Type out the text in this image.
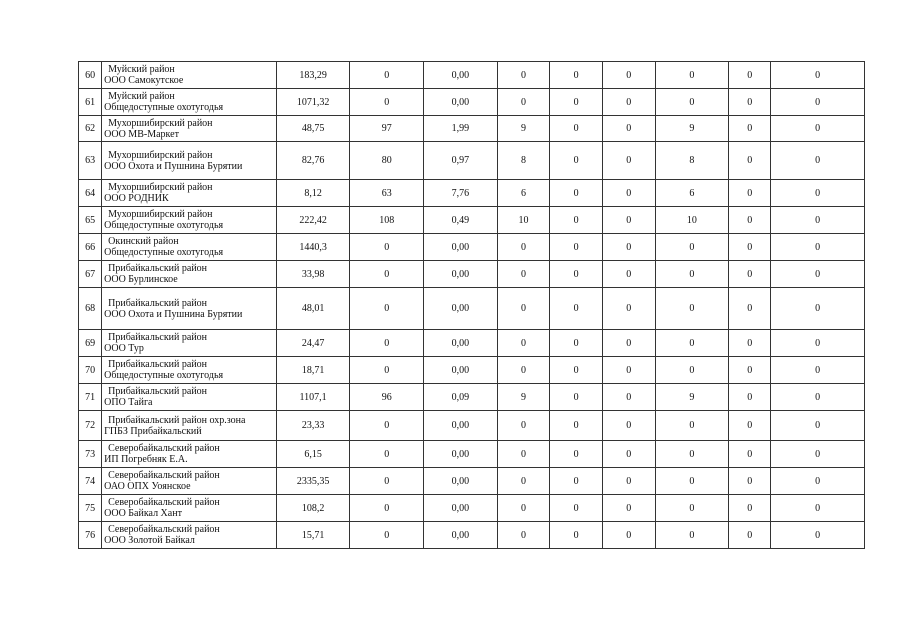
60	Муйский район
ООО Самокутское	183,29	0	0,00	0	0	0	0	0	0
61	Муйский район
Общедоступные охотугодья	1071,32	0	0,00	0	0	0	0	0	0
62	Мухоршибирский район
ООО МВ-Маркет	48,75	97	1,99	9	0	0	9	0	0
63	Мухоршибирский район
ООО Охота и Пушнина Бурятии	82,76	80	0,97	8	0	0	8	0	0
64	Мухоршибирский район
ООО РОДНИК	8,12	63	7,76	6	0	0	6	0	0
65	Мухоршибирский район
Общедоступные охотугодья	222,42	108	0,49	10	0	0	10	0	0
66	Окинский район
Общедоступные охотугодья	1440,3	0	0,00	0	0	0	0	0	0
67	Прибайкальский район
ООО Бурлинское	33,98	0	0,00	0	0	0	0	0	0
68	Прибайкальский район
ООО Охота и Пушнина Бурятии	48,01	0	0,00	0	0	0	0	0	0
69	Прибайкальский район
ООО Тур	24,47	0	0,00	0	0	0	0	0	0
70	Прибайкальский район
Общедоступные охотугодья	18,71	0	0,00	0	0	0	0	0	0
71	Прибайкальский район
ОПО Тайга	1107,1	96	0,09	9	0	0	9	0	0
72	Прибайкальский район охр.зона
ГПБЗ Прибайкальский	23,33	0	0,00	0	0	0	0	0	0
73	Северобайкальский район
ИП Погребняк Е.А.	6,15	0	0,00	0	0	0	0	0	0
74	Северобайкальский район
ОАО ОПХ Уоянское	2335,35	0	0,00	0	0	0	0	0	0
75	Северобайкальский район
ООО Байкал Хант	108,2	0	0,00	0	0	0	0	0	0
76	Северобайкальский район
ООО Золотой Байкал	15,71	0	0,00	0	0	0	0	0	0
